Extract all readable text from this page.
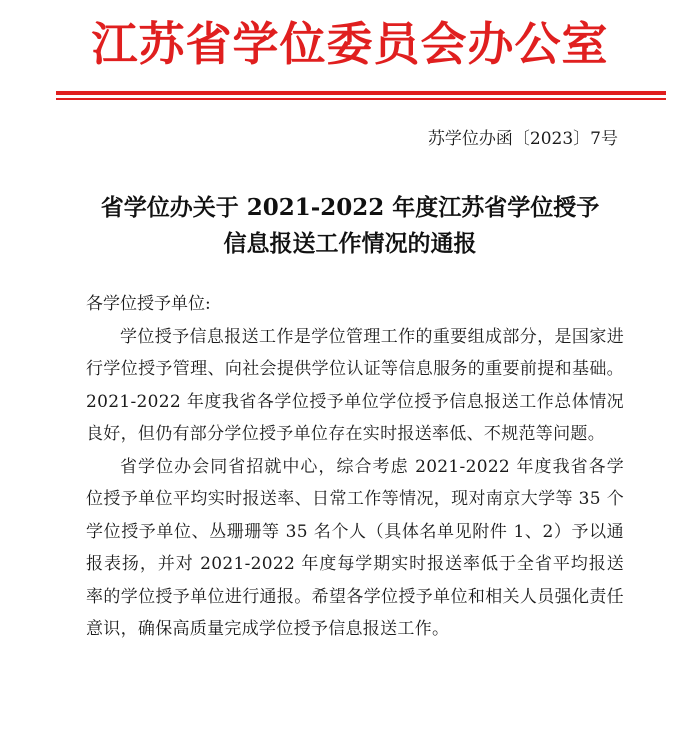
江苏省学位委员会办公室
苏学位办函〔2023〕7号
省学位办关于 2021-2022 年度江苏省学位授予
信息报送工作情况的通报
各学位授予单位:

学位授予信息报送工作是学位管理工作的重要组成部分，是国家进行学位授予管理、向社会提供学位认证等信息服务的重要前提和基础。2021-2022 年度我省各学位授予单位学位授予信息报送工作总体情况良好，但仍有部分学位授予单位存在实时报送率低、不规范等问题。

省学位办会同省招就中心，综合考虑 2021-2022 年度我省各学位授予单位平均实时报送率、日常工作等情况，现对南京大学等 35 个学位授予单位、丛珊珊等 35 名个人（具体名单见附件 1、2）予以通报表扬，并对 2021-2022 年度每学期实时报送率低于全省平均报送率的学位授予单位进行通报。希望各学位授予单位和相关人员强化责任意识，确保高质量完成学位授予信息报送工作。
